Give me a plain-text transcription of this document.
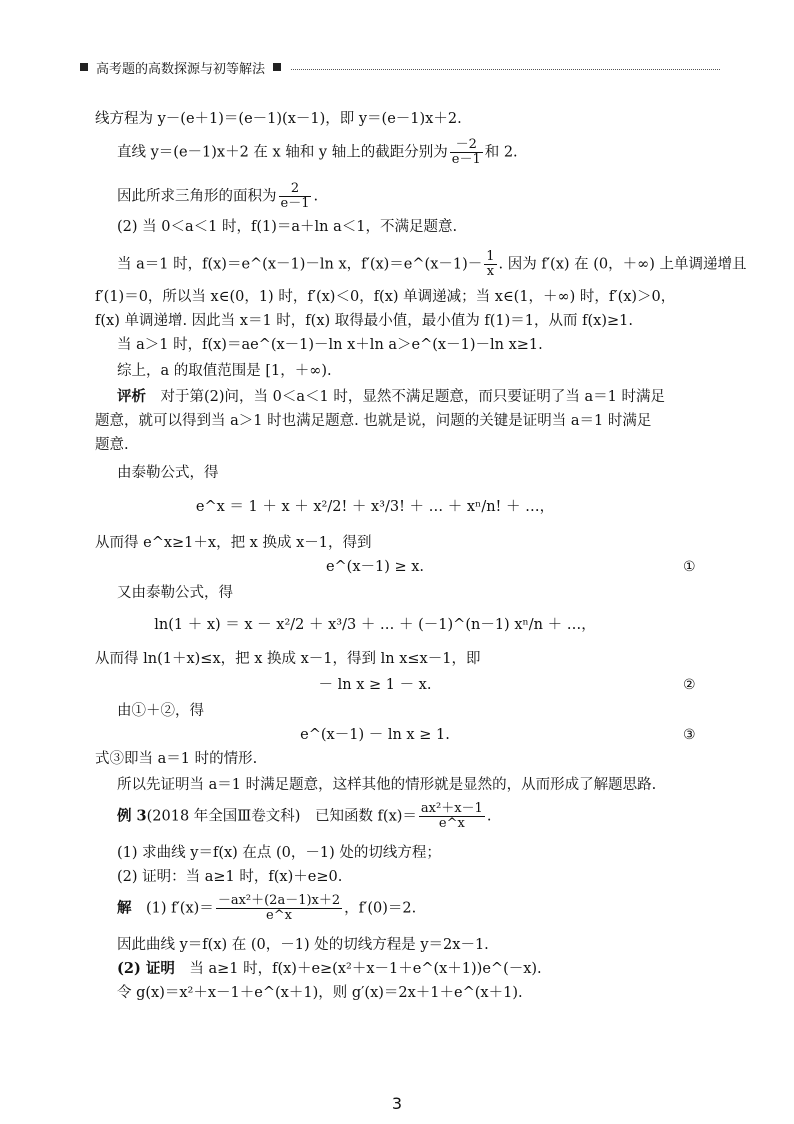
高考题的高数探源与初等解法
线方程为 y－(e＋1)＝(e－1)(x－1)，即 y＝(e－1)x＋2.
直线 y＝(e－1)x＋2 在 x 轴和 y 轴上的截距分别为 $\frac{-2}{e-1}$ 和 2.
因此所求三角形的面积为 $\frac{2}{e-1}$ .
(2) 当 0＜a＜1 时，f(1)＝a＋ln a＜1，不满足题意.
当 a＝1 时，f(x)＝e^(x－1)－ln x，f′(x)＝e^(x－1)－ $\frac{1}{x}$ . 因为 f′(x) 在 (0，＋∞) 上单调递增且
f′(1)＝0，所以当 x∈(0，1) 时，f′(x)＜0，f(x) 单调递减；当 x∈(1，＋∞) 时，f′(x)＞0，
f(x) 单调递增. 因此当 x＝1 时，f(x) 取得最小值，最小值为 f(1)＝1，从而 f(x)≥1.
当 a＞1 时，f(x)＝ae^(x－1)－ln x＋ln a＞e^(x－1)－ln x≥1.
综上，a 的取值范围是 [1，＋∞).
评析　 对于第(2)问，当 0＜a＜1 时，显然不满足题意，而只要证明了当 a＝1 时满足
题意，就可以得到当 a＞1 时也满足题意. 也就是说，问题的关键是证明当 a＝1 时满足
题意.
由泰勒公式，得
e^x ＝ 1 ＋ x ＋ x²/2! ＋ x³/3! ＋ … ＋ xⁿ/n! ＋ …，
从而得 e^x≥1＋x，把 x 换成 x－1，得到
e^(x－1) ≥ x.	①
又由泰勒公式，得
ln(1 ＋ x) ＝ x － x²/2 ＋ x³/3 ＋ … ＋ (－1)^(n－1) xⁿ/n ＋ …，
从而得 ln(1＋x)≤x，把 x 换成 x－1，得到 ln x≤x－1，即
－ ln x ≥ 1 － x.	②
由①＋②，得
e^(x－1) － ln x ≥ 1.	③
式③即当 a＝1 时的情形.
所以先证明当 a＝1 时满足题意，这样其他的情形就是显然的，从而形成了解题思路.
例 3(2018 年全国Ⅲ卷文科)　已知函数 $f(x)= \frac{\text{ax²＋x－1}}{e\^{}x}$ .
(1) 求曲线 y＝f(x) 在点 (0，－1) 处的切线方程；
(2) 证明：当 a≥1 时，f(x)＋e≥0.
解　 (1) $f'(x)= \frac{\text{－ax²＋(2a－1)x＋2}}{e\^{}x}$ ，f′(0)＝2.
因此曲线 y＝f(x) 在 (0，－1) 处的切线方程是 y＝2x－1.
(2) 证明　 当 a≥1 时，f(x)＋e≥(x²＋x－1＋e^(x＋1))e^(－x).
令 g(x)＝x²＋x－1＋e^(x＋1)，则 g′(x)＝2x＋1＋e^(x＋1).
3
